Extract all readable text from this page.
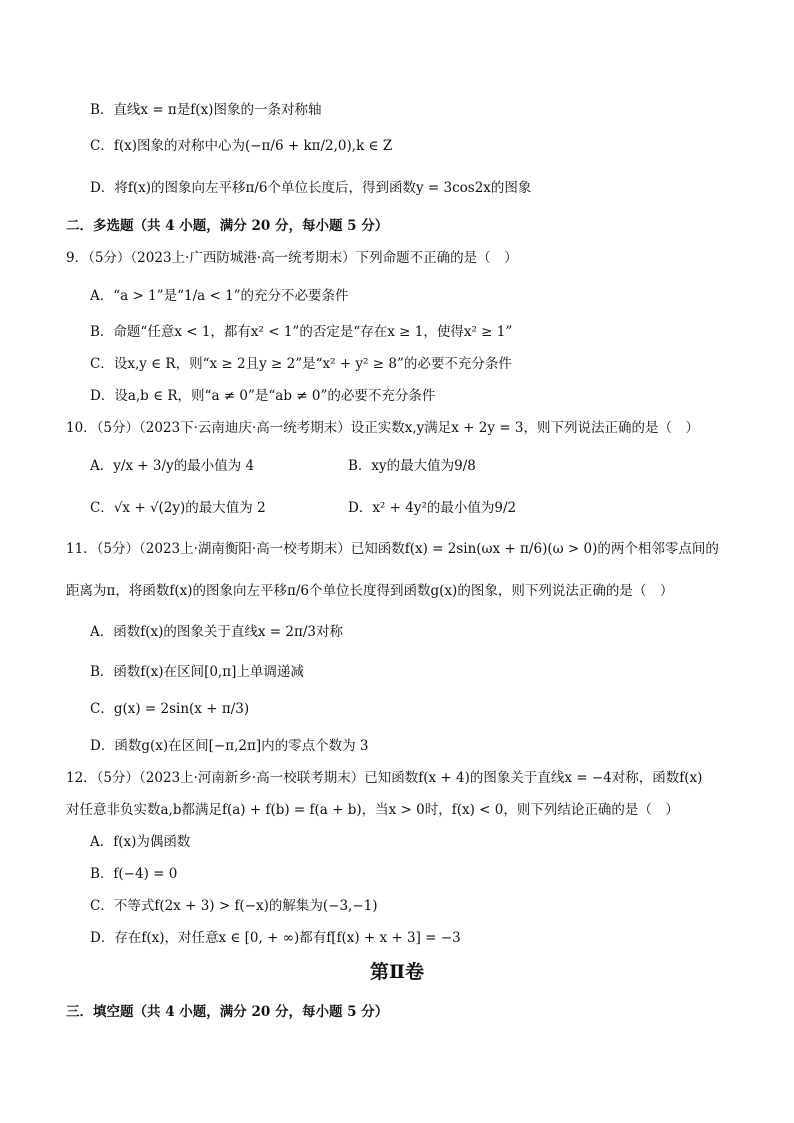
B．直线x = π是f(x)图象的一条对称轴
C．f(x)图象的对称中心为(−π/6 + kπ/2,0),k ∈ Z
D．将f(x)的图象向左平移π/6个单位长度后，得到函数y = 3cos2x的图象
二．多选题（共 4 小题，满分 20 分，每小题 5 分）
9．（5分）（2023上·广西防城港·高一统考期末）下列命题不正确的是（　）
A．“a > 1”是“1/a < 1”的充分不必要条件
B．命题“任意x < 1，都有x² < 1”的否定是“存在x ≥ 1，使得x² ≥ 1”
C．设x,y ∈ R，则“x ≥ 2且y ≥ 2”是“x² + y² ≥ 8”的必要不充分条件
D．设a,b ∈ R，则“a ≠ 0”是“ab ≠ 0”的必要不充分条件
10．（5分）（2023下·云南迪庆·高一统考期末）设正实数x,y满足x + 2y = 3，则下列说法正确的是（　）
A．y/x + 3/y的最小值为 4	B．xy的最大值为9/8
C．√x + √(2y)的最大值为 2	D．x² + 4y²的最小值为9/2
11．（5分）（2023上·湖南衡阳·高一校考期末）已知函数f(x) = 2sin(ωx + π/6)(ω > 0)的两个相邻零点间的
距离为π，将函数f(x)的图象向左平移π/6个单位长度得到函数g(x)的图象，则下列说法正确的是（　）
A．函数f(x)的图象关于直线x = 2π/3对称
B．函数f(x)在区间[0,π]上单调递减
C．g(x) = 2sin(x + π/3)
D．函数g(x)在区间[−π,2π]内的零点个数为 3
12．（5分）（2023上·河南新乡·高一校联考期末）已知函数f(x + 4)的图象关于直线x = −4对称，函数f(x)
对任意非负实数a,b都满足f(a) + f(b) = f(a + b)，当x > 0时，f(x) < 0，则下列结论正确的是（　）
A．f(x)为偶函数
B．f(−4) = 0
C．不等式f(2x + 3) > f(−x)的解集为(−3,−1)
D．存在f(x)，对任意x ∈ [0, + ∞)都有f[f(x) + x + 3] = −3
第Ⅱ卷
三．填空题（共 4 小题，满分 20 分，每小题 5 分）
